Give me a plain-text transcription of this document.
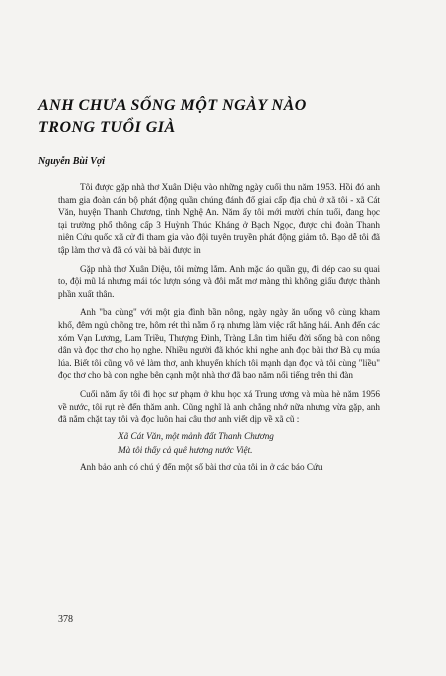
ANH CHƯA SỐNG MỘT NGÀY NÀO
TRONG TUỔI GIÀ
Nguyễn Bùi Vợi

Tôi được gặp nhà thơ Xuân Diệu vào những ngày cuối thu năm 1953. Hồi đó anh tham gia đoàn cán bộ phát động quần chúng đánh đổ giai cấp địa chủ ở xã tôi - xã Cát Văn, huyện Thanh Chương, tỉnh Nghệ An. Năm ấy tôi mới mười chín tuổi, đang học tại trường phổ thông cấp 3 Huỳnh Thúc Kháng ở Bạch Ngọc, được chi đoàn Thanh niên Cứu quốc xã cử đi tham gia vào đội tuyên truyền phát động giảm tô. Bạo dễ tôi đã tập làm thơ và đã có vài bà bài được in

Gặp nhà thơ Xuân Diệu, tôi mừng lắm. Anh mặc áo quần gụ, đi dép cao su quai to, đội mũ lá nhưng mái tóc lượn sóng và đôi mắt mơ màng thì không giấu được thành phần xuất thân.

Anh "ba cùng" với một gia đình bần nông, ngày ngày ăn uống vô cùng kham khổ, đêm ngủ chõng tre, hôm rét thì nằm ổ rạ nhưng làm việc rất hăng hái. Anh đến các xóm Vạn Lương, Lam Triều, Thượng Đình, Tràng Lân tìm hiểu đời sống bà con nông dân và đọc thơ cho họ nghe. Nhiều người đã khóc khi nghe anh đọc bài thơ Bà cụ múa lúa. Biết tôi cũng vô vẻ làm thơ, anh khuyến khích tôi mạnh dạn đọc và tôi cùng "liều" đọc thơ cho bà con nghe bên cạnh một nhà thơ đã bao năm nổi tiếng trên thi đàn

Cuối năm ấy tôi đi học sư phạm ở khu học xá Trung ương và mùa hè năm 1956 về nước, tôi rụt rè đến thăm anh. Cũng nghĩ là anh chẳng nhớ nữa nhưng vừa gặp, anh đã nắm chặt tay tôi và đọc luôn hai câu thơ anh viết dịp về xã cũ :

Xã Cát Văn, một mảnh đất Thanh Chương
Mà tôi thấy cả quê hương nước Việt.

Anh bảo anh có chú ý đến một số bài thơ của tôi in ở các báo Cứu

378
